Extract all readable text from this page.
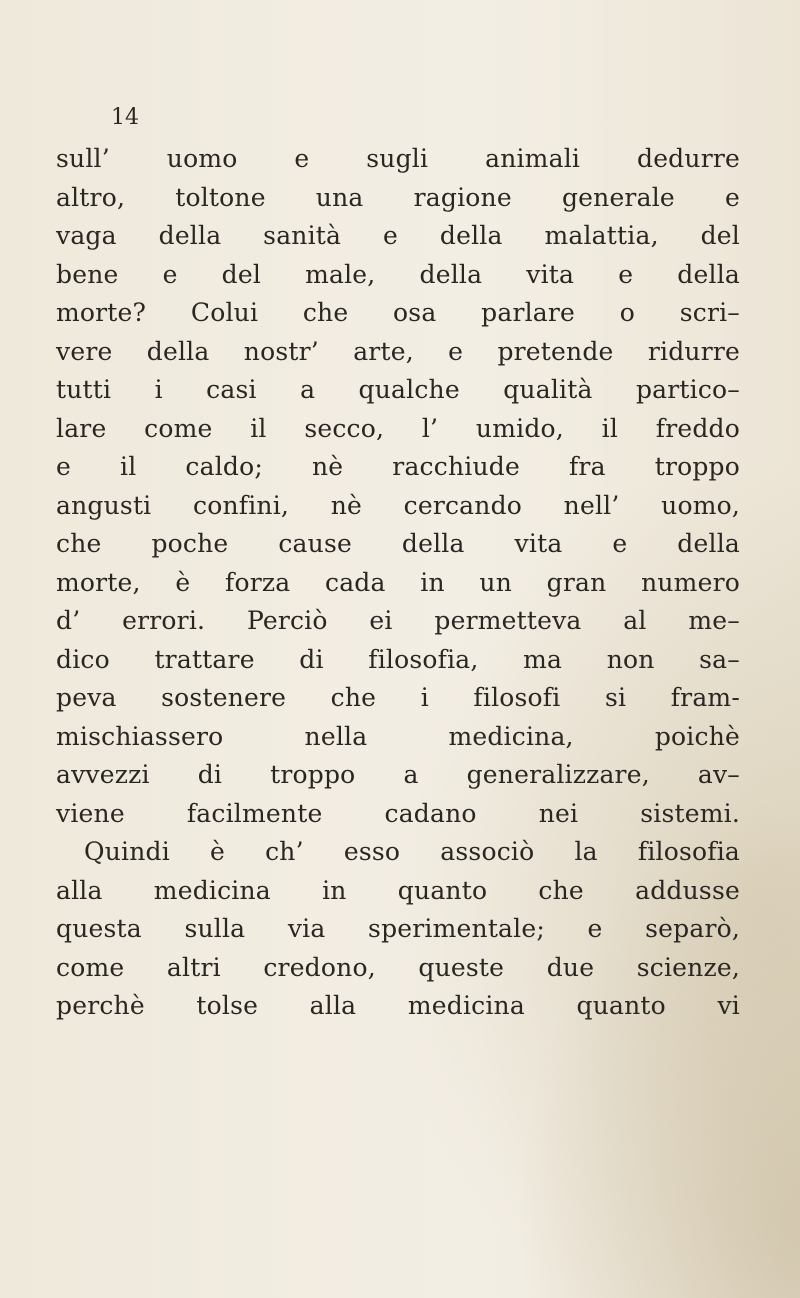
14
sull’ uomo e sugli animali dedurre
altro, toltone una ragione generale e
vaga della sanità e della malattia, del
bene e del male, della vita e della
morte? Colui che osa parlare o scri–
vere della nostr’ arte, e pretende ridurre
tutti i casi a qualche qualità partico–
lare come il secco, l’ umido, il freddo
e il caldo; nè racchiude fra troppo
angusti confini, nè cercando nell’ uomo,
che poche cause della vita e della
morte, è forza cada in un gran numero
d’ errori. Perciò ei permetteva al me–
dico trattare di filosofia, ma non sa–
peva sostenere che i filosofi si fram-
mischiassero nella medicina, poichè
avvezzi di troppo a generalizzare, av–
viene facilmente cadano nei sistemi.
Quindi è ch’ esso associò la filosofia
alla medicina in quanto che addusse
questa sulla via sperimentale; e separò,
come altri credono, queste due scienze,
perchè tolse alla medicina quanto vi
